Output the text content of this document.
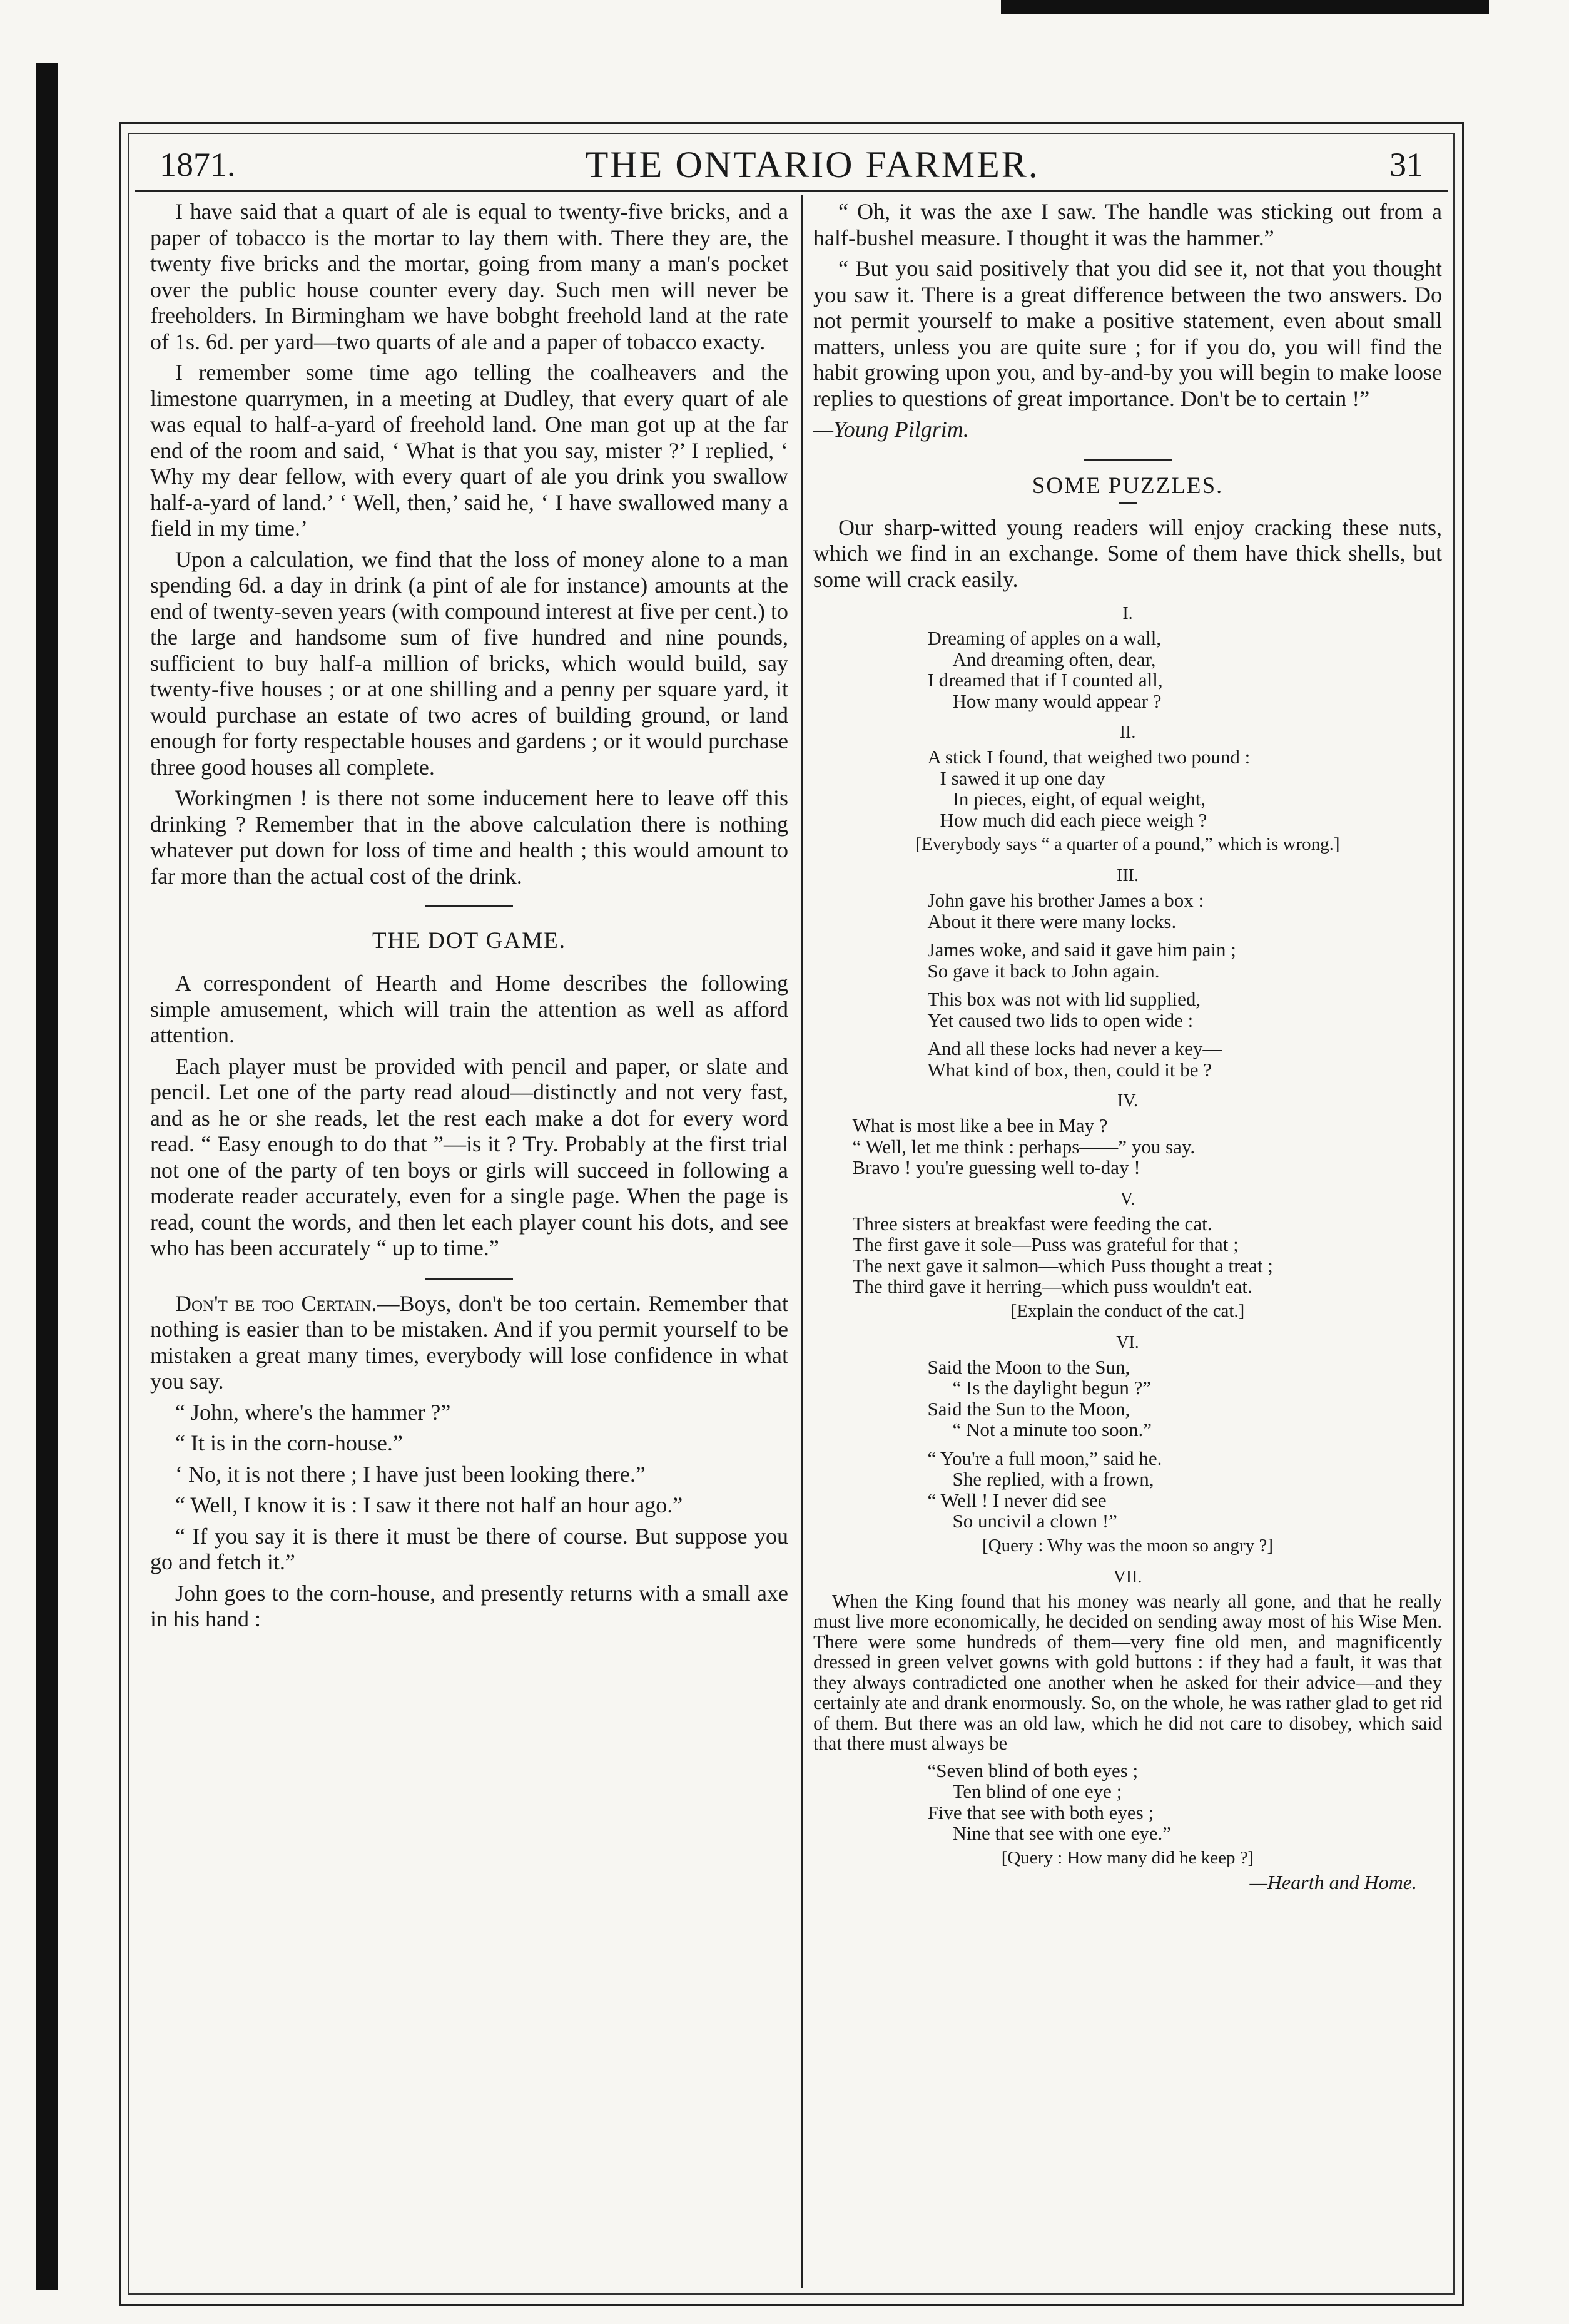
1871.	THE ONTARIO FARMER.	31

I have said that a quart of ale is equal to twenty-five bricks, and a paper of tobacco is the mortar to lay them with. There they are, the twenty five bricks and the mortar, going from many a man's pocket over the public house counter every day. Such men will never be freeholders. In Birmingham we have bobght freehold land at the rate of 1s. 6d. per yard—two quarts of ale and a paper of tobacco exacty.

I remember some time ago telling the coalheavers and the limestone quarrymen, in a meeting at Dudley, that every quart of ale was equal to half-a-yard of freehold land. One man got up at the far end of the room and said, ‘ What is that you say, mister ?’ I replied, ‘ Why my dear fellow, with every quart of ale you drink you swallow half-a-yard of land.’ ‘ Well, then,’ said he, ‘ I have swallowed many a field in my time.’

Upon a calculation, we find that the loss of money alone to a man spending 6d. a day in drink (a pint of ale for instance) amounts at the end of twenty-seven years (with compound interest at five per cent.) to the large and handsome sum of five hundred and nine pounds, sufficient to buy half-a million of bricks, which would build, say twenty-five houses ; or at one shilling and a penny per square yard, it would purchase an estate of two acres of building ground, or land enough for forty respectable houses and gardens ; or it would purchase three good houses all complete.

Workingmen ! is there not some inducement here to leave off this drinking ? Remember that in the above calculation there is nothing whatever put down for loss of time and health ; this would amount to far more than the actual cost of the drink.

THE DOT GAME.

A correspondent of Hearth and Home describes the following simple amusement, which will train the attention as well as afford attention.

Each player must be provided with pencil and paper, or slate and pencil. Let one of the party read aloud—distinctly and not very fast, and as he or she reads, let the rest each make a dot for every word read. “ Easy enough to do that ”—is it ? Try. Probably at the first trial not one of the party of ten boys or girls will succeed in following a moderate reader accurately, even for a single page. When the page is read, count the words, and then let each player count his dots, and see who has been accurately “ up to time.”

Don't be too Certain.—Boys, don't be too certain. Remember that nothing is easier than to be mistaken. And if you permit yourself to be mistaken a great many times, everybody will lose confidence in what you say.

“ John, where's the hammer ?”

“ It is in the corn-house.”

‘ No, it is not there ; I have just been looking there.”

“ Well, I know it is : I saw it there not half an hour ago.”

“ If you say it is there it must be there of course. But suppose you go and fetch it.”

John goes to the corn-house, and presently returns with a small axe in his hand :

“ Oh, it was the axe I saw. The handle was sticking out from a half-bushel measure. I thought it was the hammer.”

“ But you said positively that you did see it, not that you thought you saw it. There is a great difference between the two answers. Do not permit yourself to make a positive statement, even about small matters, unless you are quite sure ; for if you do, you will find the habit growing upon you, and by-and-by you will begin to make loose replies to questions of great importance. Don't be to certain !”

—Young Pilgrim.

SOME PUZZLES.

Our sharp-witted young readers will enjoy cracking these nuts, which we find in an exchange. Some of them have thick shells, but some will crack easily.

I.
Dreaming of apples on a wall,
And dreaming often, dear,
I dreamed that if I counted all,
How many would appear ?
II.
A stick I found, that weighed two pound :
I sawed it up one day
In pieces, eight, of equal weight,
How much did each piece weigh ?
[Everybody says “ a quarter of a pound,” which is wrong.]
III.
John gave his brother James a box :
About it there were many locks.
James woke, and said it gave him pain ;
So gave it back to John again.
This box was not with lid supplied,
Yet caused two lids to open wide :
And all these locks had never a key—
What kind of box, then, could it be ?
IV.
What is most like a bee in May ?
“ Well, let me think : perhaps——” you say.
Bravo ! you're guessing well to-day !
V.
Three sisters at breakfast were feeding the cat.
The first gave it sole—Puss was grateful for that ;
The next gave it salmon—which Puss thought a treat ;
The third gave it herring—which puss wouldn't eat.
[Explain the conduct of the cat.]
VI.
Said the Moon to the Sun,
“ Is the daylight begun ?”
Said the Sun to the Moon,
“ Not a minute too soon.”
“ You're a full moon,” said he.
She replied, with a frown,
“ Well ! I never did see
So uncivil a clown !”
[Query : Why was the moon so angry ?]
VII.

When the King found that his money was nearly all gone, and that he really must live more economically, he decided on sending away most of his Wise Men. There were some hundreds of them—very fine old men, and magnificently dressed in green velvet gowns with gold buttons : if they had a fault, it was that they always contradicted one another when he asked for their advice—and they certainly ate and drank enormously. So, on the whole, he was rather glad to get rid of them. But there was an old law, which he did not care to disobey, which said that there must always be

“Seven blind of both eyes ;
Ten blind of one eye ;
Five that see with both eyes ;
Nine that see with one eye.”
[Query : How many did he keep ?]
—Hearth and Home.
